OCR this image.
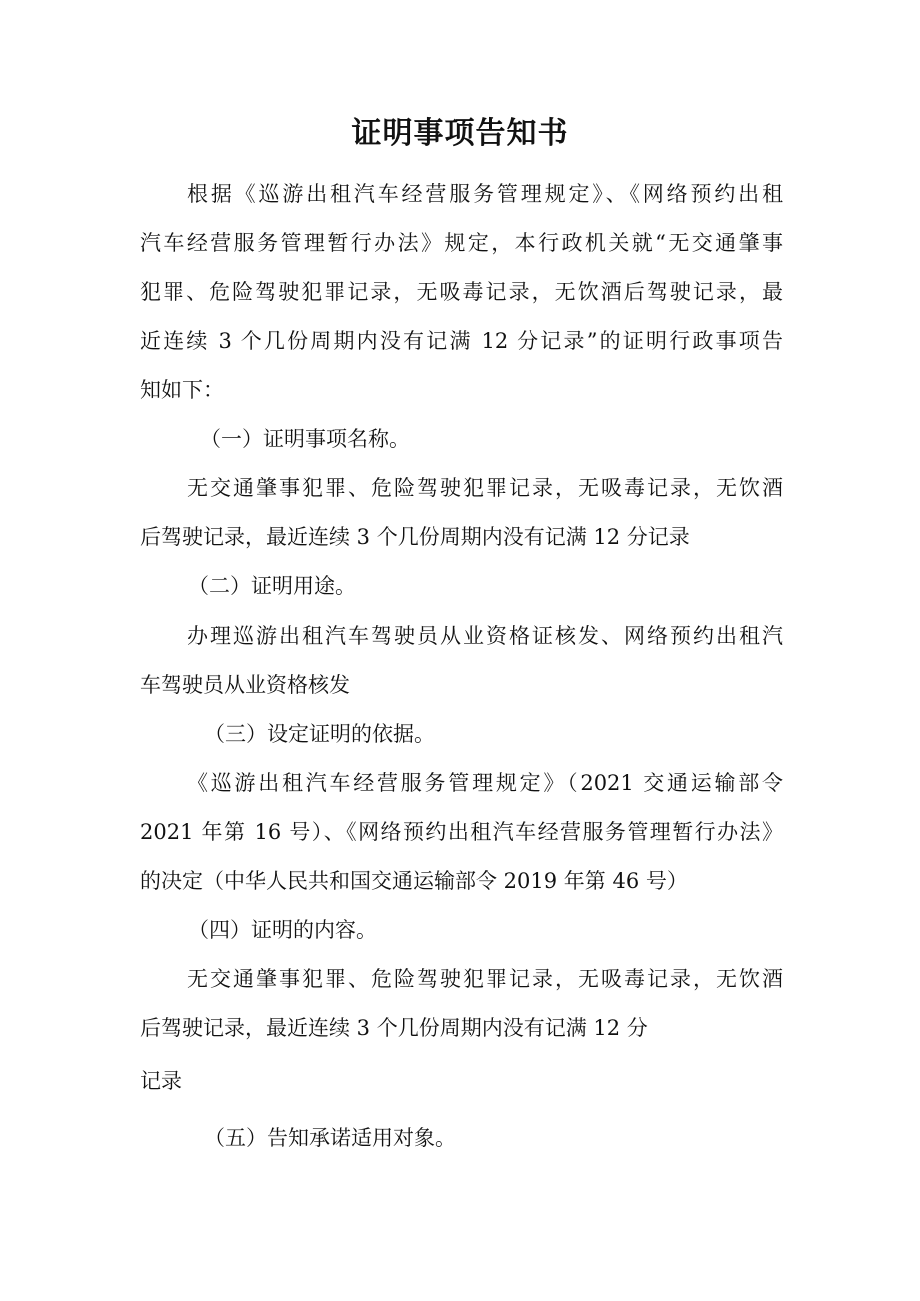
证明事项告知书
根据《巡游出租汽车经营服务管理规定》、《网络预约出租
汽车经营服务管理暂行办法》规定，本行政机关就“无交通肇事
犯罪、危险驾驶犯罪记录，无吸毒记录，无饮酒后驾驶记录，最
近连续 3 个几份周期内没有记满 12 分记录”的证明行政事项告
知如下：
（一）证明事项名称。
无交通肇事犯罪、危险驾驶犯罪记录，无吸毒记录，无饮酒
后驾驶记录，最近连续 3 个几份周期内没有记满 12 分记录
（二）证明用途。
办理巡游出租汽车驾驶员从业资格证核发、网络预约出租汽
车驾驶员从业资格核发
（三）设定证明的依据。
《巡游出租汽车经营服务管理规定》（2021 交通运输部令
2021 年第 16 号）、《网络预约出租汽车经营服务管理暂行办法》
的决定（中华人民共和国交通运输部令 2019 年第 46 号）
（四）证明的内容。
无交通肇事犯罪、危险驾驶犯罪记录，无吸毒记录，无饮酒
后驾驶记录，最近连续 3 个几份周期内没有记满 12 分
记录
（五）告知承诺适用对象。
